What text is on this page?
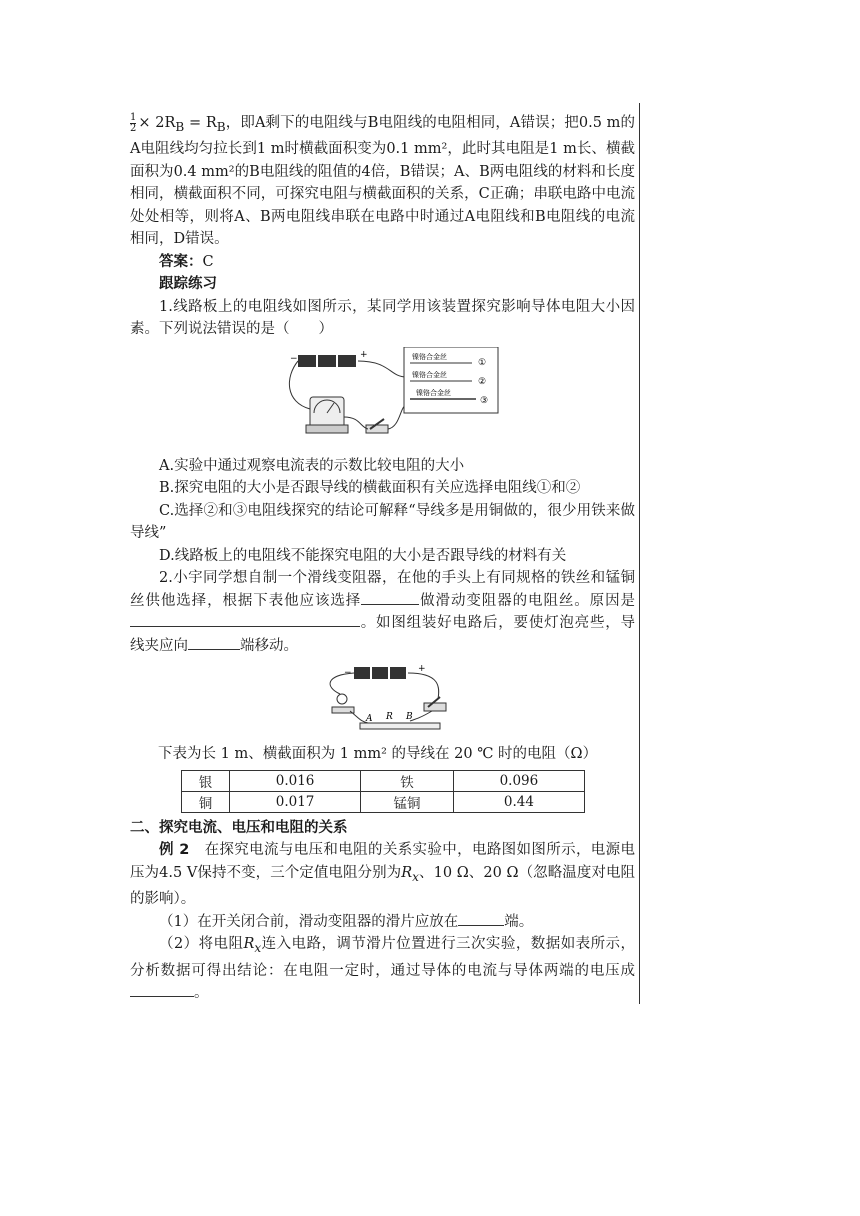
$\frac{1}{2} \times 2R_B = R_B$，即A剩下的电阻线与B电阻线的电阻相同，A错误；把0.5 m的A电阻线均匀拉长到1 m时横截面积变为0.1 mm²，此时其电阻是1 m长、横截面积为0.4 mm²的B电阻线的阻值的4倍，B错误；A、B两电阻线的材料和长度相同，横截面积不同，可探究电阻与横截面积的关系，C正确；串联电路中电流处处相等，则将A、B两电阻线串联在电路中时通过A电阻线和B电阻线的电流相同，D错误。

答案：C

跟踪练习

1.线路板上的电阻线如图所示，某同学用该装置探究影响导体电阻大小因素。下列说法错误的是（　　）

−	+	镍铬合金丝
①
镍铬合金丝
②
镍铬合金丝
③

A.实验中通过观察电流表的示数比较电阻的大小

B.探究电阻的大小是否跟导线的横截面积有关应选择电阻线①和②

C.选择②和③电阻线探究的结论可解释“导线多是用铜做的，很少用铁来做导线”

D.线路板上的电阻线不能探究电阻的大小是否跟导线的材料有关

2.小宇同学想自制一个滑线变阻器，在他的手头上有同规格的铁丝和锰铜丝供他选择，根据下表他应该选择	做滑动变阻器的电阻丝。原因是。如图组装好电路后，要使灯泡亮些，导线夹应向	端移动。

−	+
A R B

下表为长 1 m、横截面积为 1 mm² 的导线在 20 ℃ 时的电阻（Ω）

银	0.016	铁	0.096
铜	0.017	锰铜	0.44

二、探究电流、电压和电阻的关系

例 2　 在探究电流与电压和电阻的关系实验中，电路图如图所示，电源电压为4.5 V保持不变，三个定值电阻分别为$R_x$、10 Ω、20 Ω（忽略温度对电阻的影响）。

（1）在开关闭合前，滑动变阻器的滑片应放在	端。

（2）将电阻$R_x$连入电路，调节滑片位置进行三次实验，数据如表所示，分析数据可得出结论：在电阻一定时，通过导体的电流与导体两端的电压成。
